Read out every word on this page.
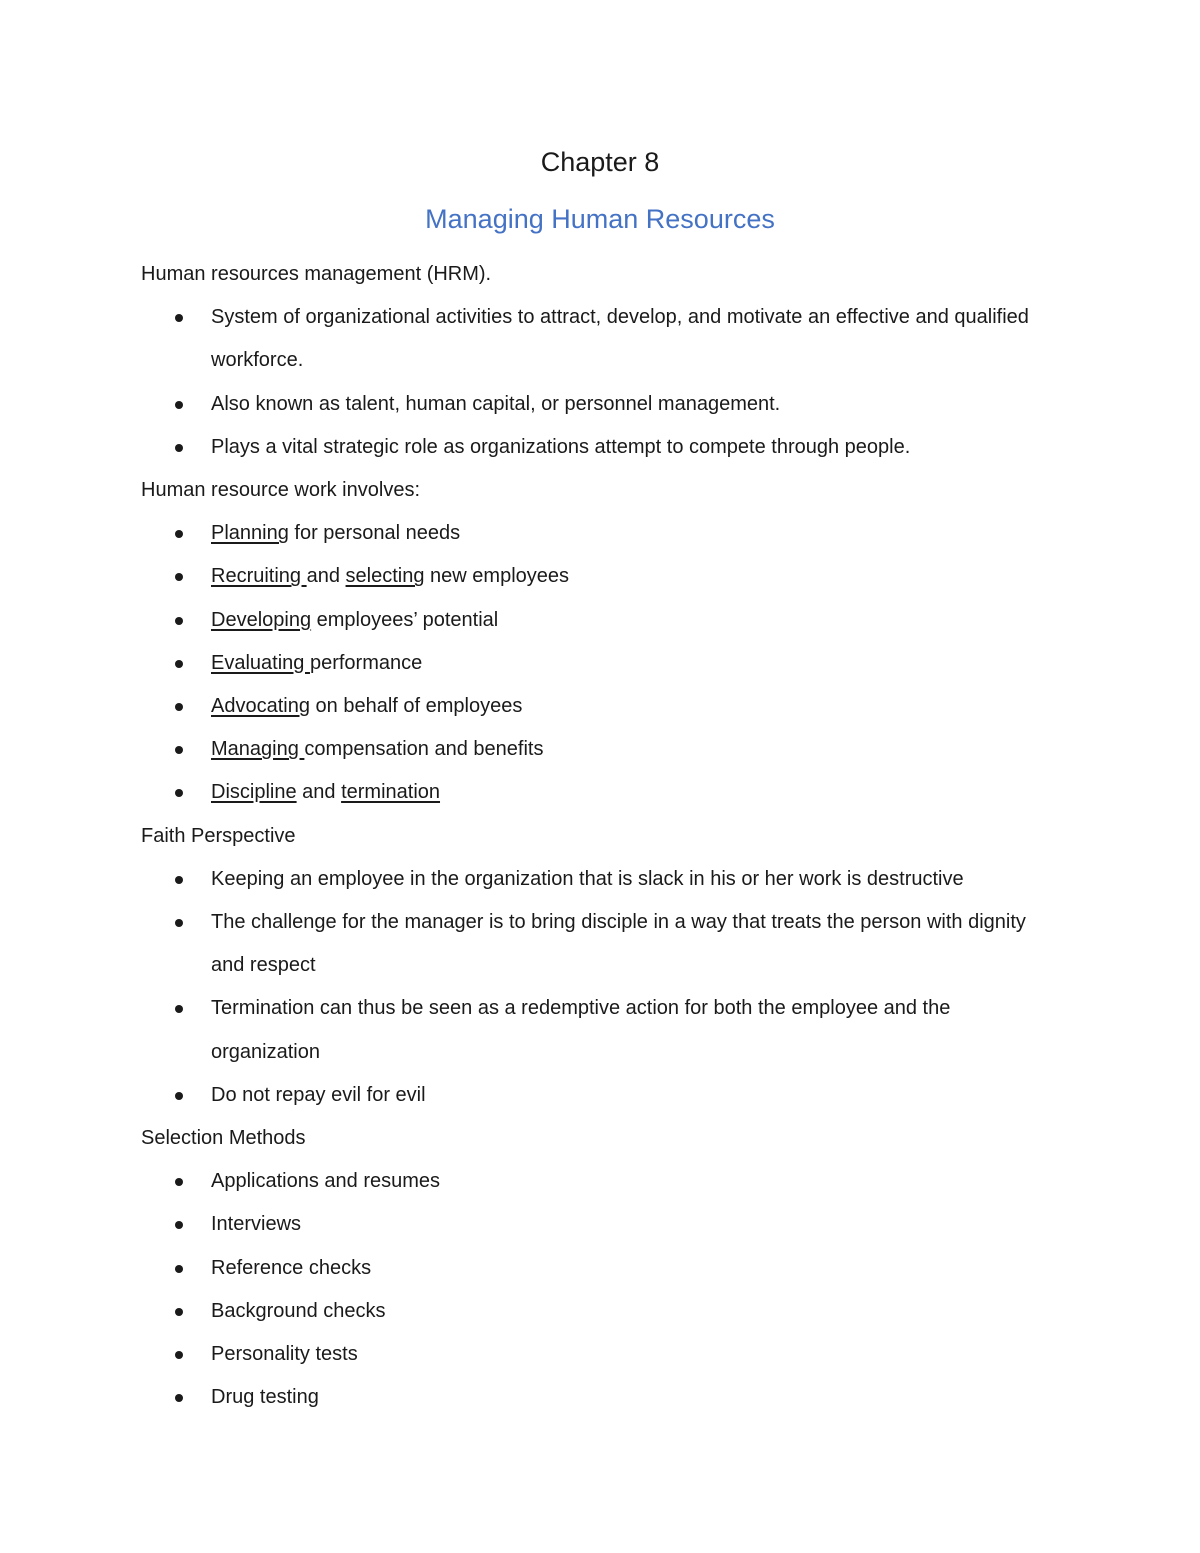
Chapter 8
Managing Human Resources
Human resources management (HRM).
System of organizational activities to attract, develop, and motivate an effective and qualified workforce.
Also known as talent, human capital, or personnel management.
Plays a vital strategic role as organizations attempt to compete through people.
Human resource work involves:
Planning for personal needs
Recruiting and selecting new employees
Developing employees’ potential
Evaluating performance
Advocating on behalf of employees
Managing compensation and benefits
Discipline and termination
Faith Perspective
Keeping an employee in the organization that is slack in his or her work is destructive
The challenge for the manager is to bring disciple in a way that treats the person with dignity and respect
Termination can thus be seen as a redemptive action for both the employee and the organization
Do not repay evil for evil
Selection Methods
Applications and resumes
Interviews
Reference checks
Background checks
Personality tests
Drug testing
